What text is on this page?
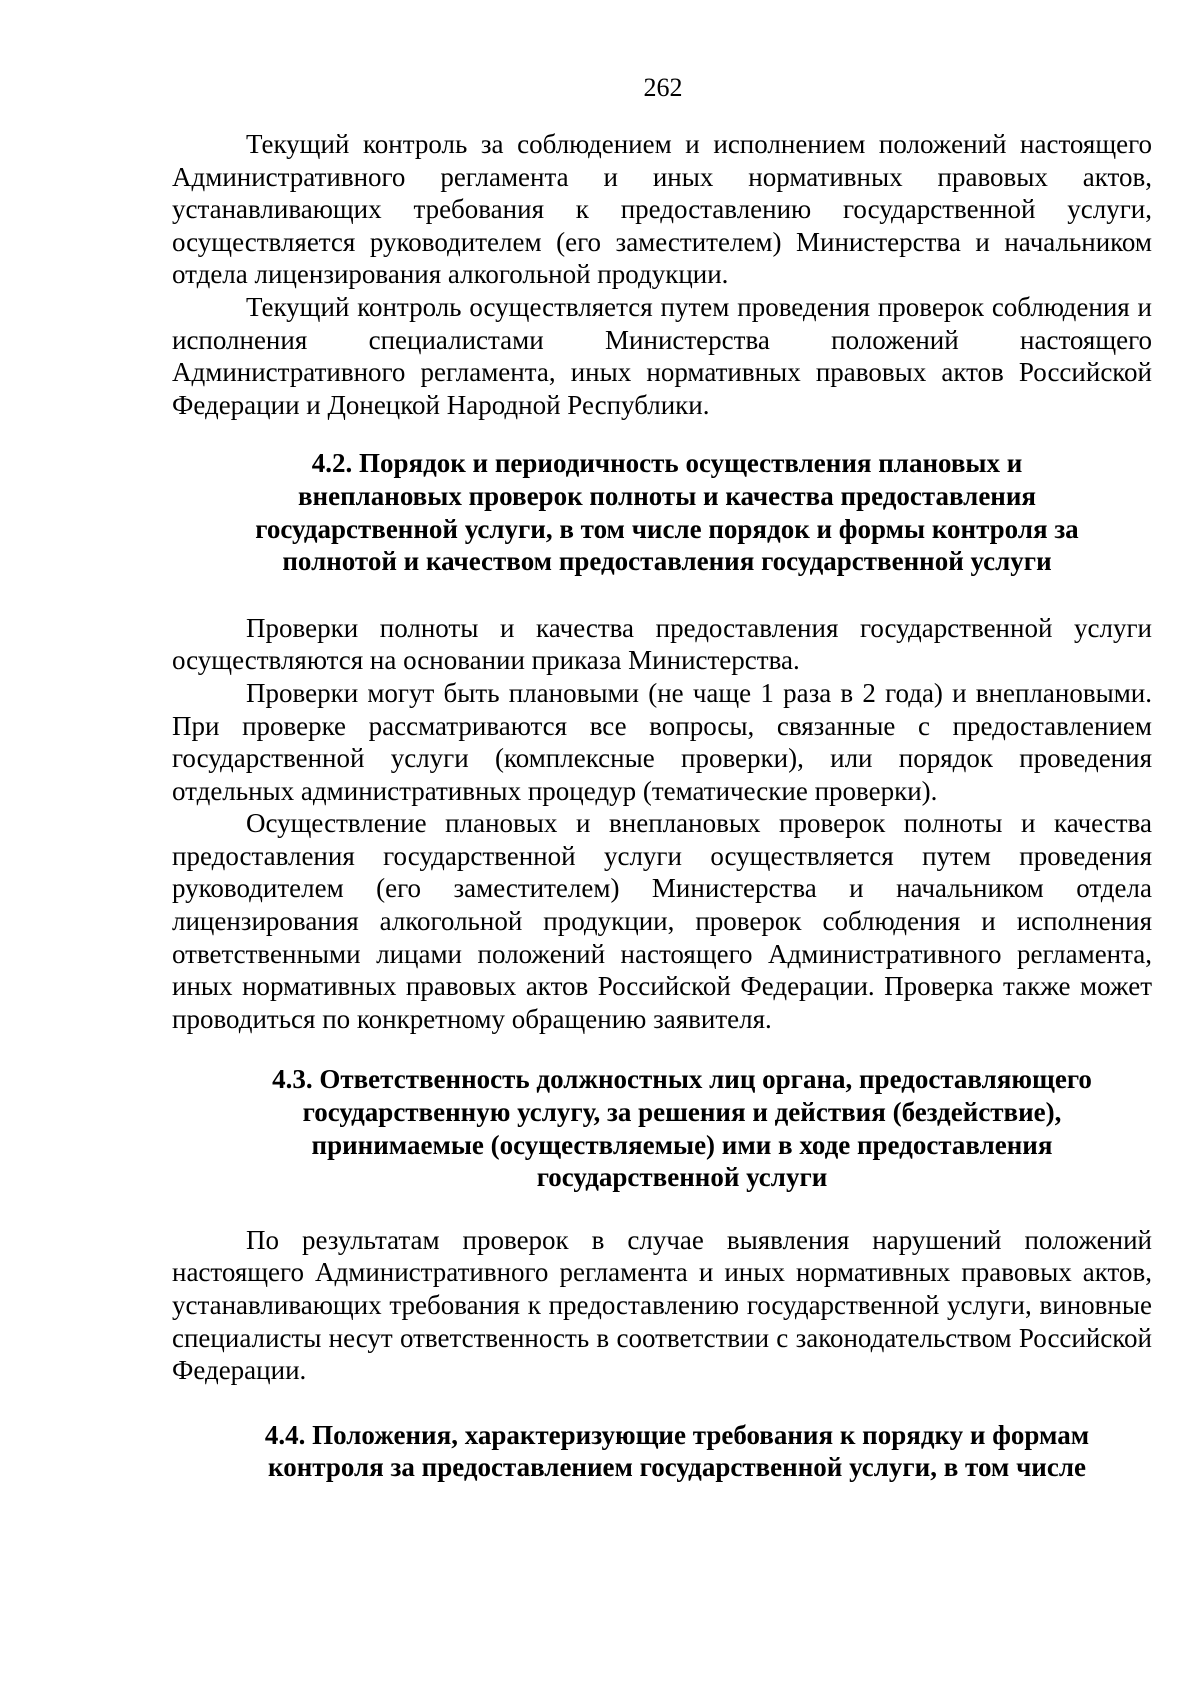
262

Текущий контроль за соблюдением и исполнением положений настоящего Административного регламента и иных нормативных правовых актов, устанавливающих требования к предоставлению государственной услуги, осуществляется руководителем (его заместителем) Министерства и начальником отдела лицензирования алкогольной продукции.

Текущий контроль осуществляется путем проведения проверок соблюдения и исполнения специалистами Министерства положений настоящего Административного регламента, иных нормативных правовых актов Российской Федерации и Донецкой Народной Республики.

4.2. Порядок и периодичность осуществления плановых и внеплановых проверок полноты и качества предоставления государственной услуги, в том числе порядок и формы контроля за полнотой и качеством предоставления государственной услуги

Проверки полноты и качества предоставления государственной услуги осуществляются на основании приказа Министерства.

Проверки могут быть плановыми (не чаще 1 раза в 2 года) и внеплановыми. При проверке рассматриваются все вопросы, связанные с предоставлением государственной услуги (комплексные проверки), или порядок проведения отдельных административных процедур (тематические проверки).

Осуществление плановых и внеплановых проверок полноты и качества предоставления государственной услуги осуществляется путем проведения руководителем (его заместителем) Министерства и начальником отдела лицензирования алкогольной продукции, проверок соблюдения и исполнения ответственными лицами положений настоящего Административного регламента, иных нормативных правовых актов Российской Федерации. Проверка также может проводиться по конкретному обращению заявителя.

4.3. Ответственность должностных лиц органа, предоставляющего государственную услугу, за решения и действия (бездействие), принимаемые (осуществляемые) ими в ходе предоставления государственной услуги

По результатам проверок в случае выявления нарушений положений настоящего Административного регламента и иных нормативных правовых актов, устанавливающих требования к предоставлению государственной услуги, виновные специалисты несут ответственность в соответствии с законодательством Российской Федерации.

4.4. Положения, характеризующие требования к порядку и формам контроля за предоставлением государственной услуги, в том числе
